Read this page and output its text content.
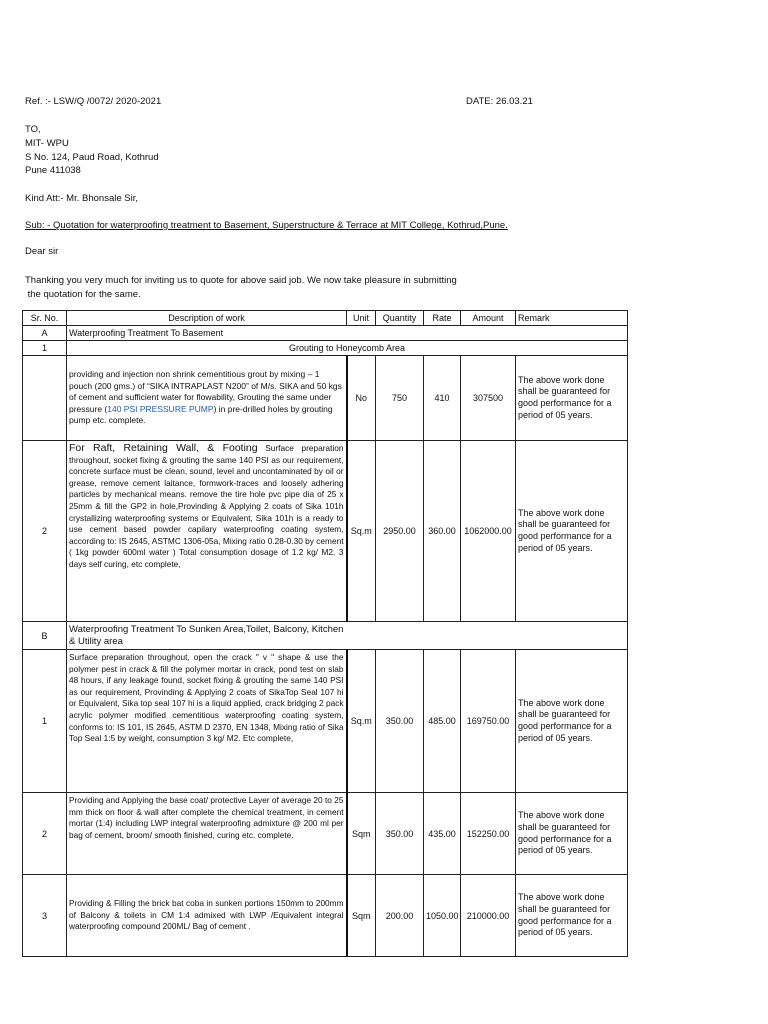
Ref. :- LSW/Q /0072/ 2020-2021	DATE: 26.03.21
TO,
MIT- WPU
S No. 124, Paud Road, Kothrud
Pune 411038
Kind Att:- Mr. Bhonsale Sir,
Sub: - Quotation for waterproofing treatment to Basement, Superstructure & Terrace at MIT College, Kothrud,Pune.
Dear sir
Thanking you very much for inviting us to quote for above said job. We now take pleasure in submitting
the quotation for the same.
Sr. No.	Description of work	Unit	Quantity	Rate	Amount	Remark
A	Waterproofing Treatment To Basement					
1	Grouting to Honeycomb Area					
	providing and injection non shrink cementitious grout by mixing – 1 pouch (200 gms.) of “SIKA INTRAPLAST N200” of M/s. SIKA and 50 kgs of cement and sufficient water for flowability, Grouting the same under pressure (140 PSI PRESSURE PUMP) in pre-drilled holes by grouting pump etc. complete.	No	750	410	307500	The above work done shall be guaranteed for good performance for a period of 05 years.
2	For Raft, Retaining Wall, & Footing Surface preparation throughout, socket fixing & grouting the same 140 PSI as our requirement, concrete surface must be clean, sound, level and uncontaminated by oil or grease, remove cement laitance, formwork-traces and loosely adhering particles by mechanical means. remove the tire hole pvc pipe dia of 25 x 25mm & fill the GP2 in hole,Provinding & Applying 2 coats of Sika 101h crystallizing waterproofing systems or Equivalent, Sika 101h is a ready to use cement based powder capilary waterproofing coating system, according to: IS 2645, ASTMC 1306-05a, Mixing ratio 0.28-0.30 by cement ( 1kg powder 600ml water ) Total consumption dosage of 1.2 kg/ M2. 3 days self curing, etc complete,	Sq.m	2950.00	360.00	1062000.00	The above work done shall be guaranteed for good performance for a period of 05 years.
B	Waterproofing Treatment To Sunken Area,Toilet, Balcony, Kitchen & Utility area					

1	Surface preparation throughout, open the crack " v " shape & use the polymer pest in crack & fill the polymer mortar in crack, pond test on slab 48 hours, if any leakage found, socket fixing & grouting the same 140 PSI as our requirement, Provinding & Applying 2 coats of SikaTop Seal 107 hi or Equivalent, Sika top seal 107 hi is a liquid applied, crack bridging 2 pack acrylic polymer modified cementitious waterproofing coating system, conforms to: IS 101, IS 2645, ASTM D 2370, EN 1348, Mixing ratio of Sika Top Seal 1:5 by weight, consumption 3 kg/ M2. Etc complete,	Sq.m	350.00	485.00	169750.00	The above work done shall be guaranteed for good performance for a period of 05 years.
2	Providing and Applying the base coat/ protective Layer of average 20 to 25 mm thick on floor & wall after complete the chemical treatment, in cement mortar (1:4) including LWP integral waterproofing admixture @ 200 ml per bag of cement, broom/ smooth finished, curing etc. complete.	Sqm	350.00	435.00	152250.00	The above work done shall be guaranteed for good performance for a period of 05 years.
3	Providing & Filling the brick bat coba in sunken portions 150mm to 200mm of Balcony & toilets in CM 1:4 admixed with LWP /Equivalent integral waterproofing compound 200ML/ Bag of cement .	Sqm	200.00	1050.00	210000.00	The above work done shall be guaranteed for good performance for a period of 05 years.
